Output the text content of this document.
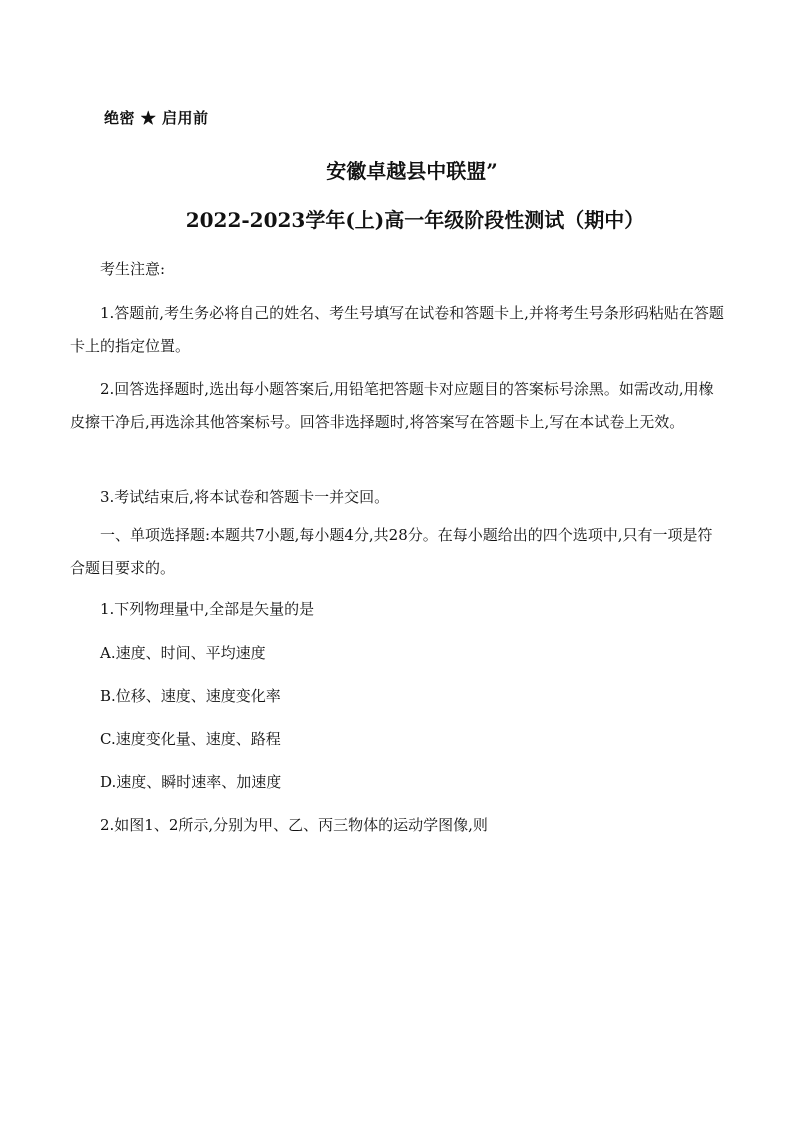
绝密 ★ 启用前
安徽卓越县中联盟”
2022-2023学年(上)高一年级阶段性测试（期中）

考生注意:

1.答题前,考生务必将自己的姓名、考生号填写在试卷和答题卡上,并将考生号条形码粘贴在答题卡上的指定位置。

2.回答选择题时,选出每小题答案后,用铅笔把答题卡对应题目的答案标号涂黑。如需改动,用橡皮擦干净后,再选涂其他答案标号。回答非选择题时,将答案写在答题卡上,写在本试卷上无效。

3.考试结束后,将本试卷和答题卡一并交回。

一、单项选择题:本题共7小题,每小题4分,共28分。在每小题给出的四个选项中,只有一项是符合题目要求的。

1.下列物理量中,全部是矢量的是

A.速度、时间、平均速度

B.位移、速度、速度变化率

C.速度变化量、速度、路程

D.速度、瞬时速率、加速度

2.如图1、2所示,分别为甲、乙、丙三物体的运动学图像,则
